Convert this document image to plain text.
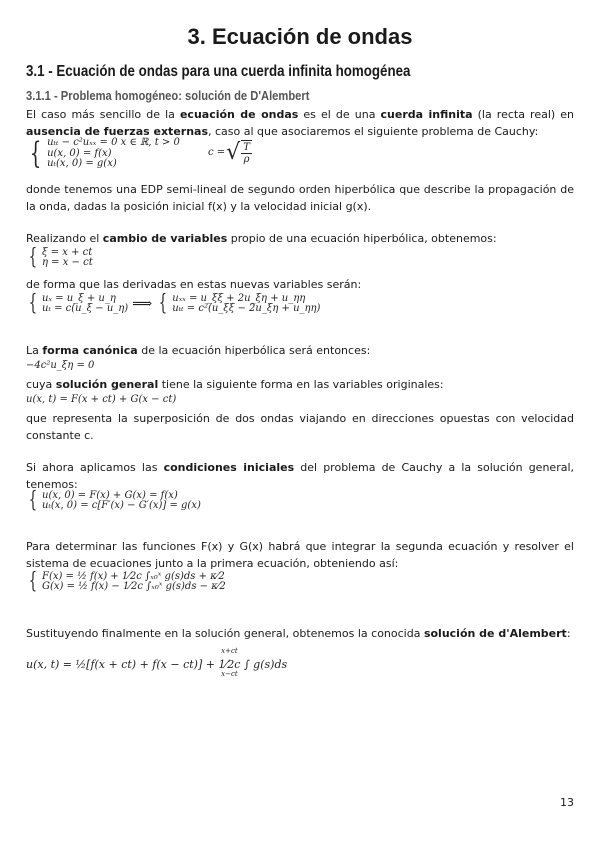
3. Ecuación de ondas
3.1 - Ecuación de ondas para una cuerda infinita homogénea
3.1.1 - Problema homogéneo: solución de D'Alembert

El caso más sencillo de la ecuación de ondas es el de una cuerda infinita (la recta real) en ausencia de fuerzas externas, caso al que asociaremos el siguiente problema de Cauchy:

{ uₜₜ − c²uₓₓ = 0 x ∈ ℝ, t > 0
u(x, 0) = f(x)
uₜ(x, 0) = g(x)
c = √ T
ρ

donde tenemos una EDP semi-lineal de segundo orden hiperbólica que describe la propagación de la onda, dadas la posición inicial f(x) y la velocidad inicial g(x).

Realizando el cambio de variables propio de una ecuación hiperbólica, obtenemos:

{ ξ = x + ct
η = x − ct

de forma que las derivadas en estas nuevas variables serán:

{ uₓ = u_ξ + u_η
uₜ = c(u_ξ − u_η) ⟹ { uₓₓ = u_ξξ + 2u_ξη + u_ηη
uₜₜ = c²(u_ξξ − 2u_ξη + u_ηη)

La forma canónica de la ecuación hiperbólica será entonces:

−4c²u_ξη = 0

cuya solución general tiene la siguiente forma en las variables originales:

u(x, t) = F(x + ct) + G(x − ct)

que representa la superposición de dos ondas viajando en direcciones opuestas con velocidad constante c.

Si ahora aplicamos las condiciones iniciales del problema de Cauchy a la solución general, tenemos:

{ u(x, 0) = F(x) + G(x) = f(x)
uₜ(x, 0) = c[F′(x) − G′(x)] = g(x)

Para determinar las funciones F(x) y G(x) habrá que integrar la segunda ecuación y resolver el sistema de ecuaciones junto a la primera ecuación, obteniendo así:

{ F(x) = ½ f(x) + 1⁄2c ∫ₓ₀ˣ g(s)ds + κ⁄2
G(x) = ½ f(x) − 1⁄2c ∫ₓ₀ˣ g(s)ds − κ⁄2

Sustituyendo finalmente en la solución general, obtenemos la conocida solución de d'Alembert:

u(x, t) = ½[f(x + ct) + f(x − ct)] + 1⁄2c ∫ g(s)ds
x+ct
x−ct
13
